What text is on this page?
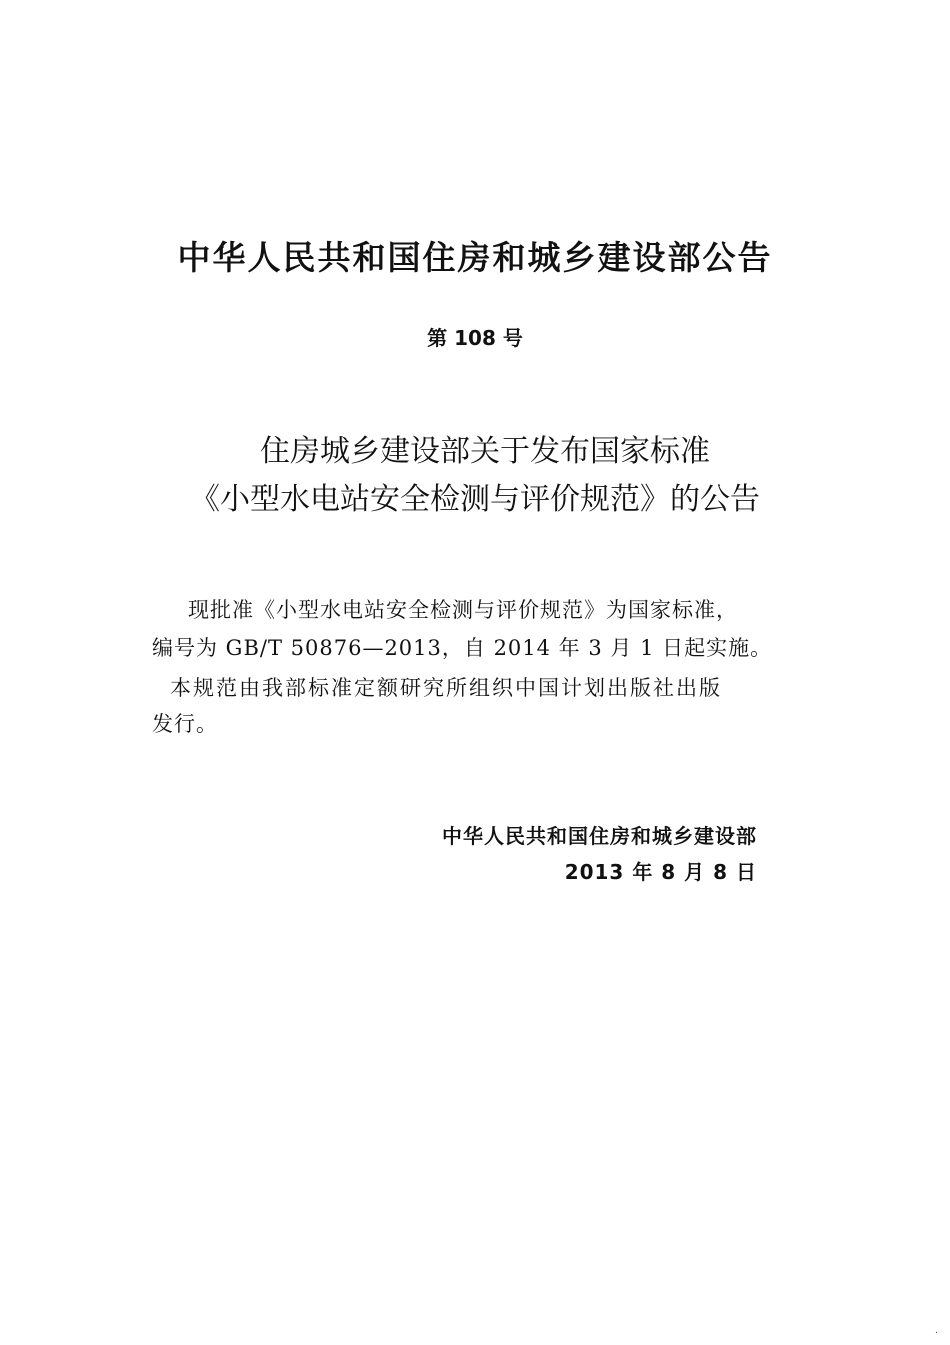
中华人民共和国住房和城乡建设部公告
第 108 号
住房城乡建设部关于发布国家标准
《小型水电站安全检测与评价规范》的公告
现批准《小型水电站安全检测与评价规范》为国家标准，
编号为 GB/T 50876—2013，自 2014 年 3 月 1 日起实施。
本规范由我部标准定额研究所组织中国计划出版社出版
发行。
中华人民共和国住房和城乡建设部
2013 年 8 月 8 日
·
